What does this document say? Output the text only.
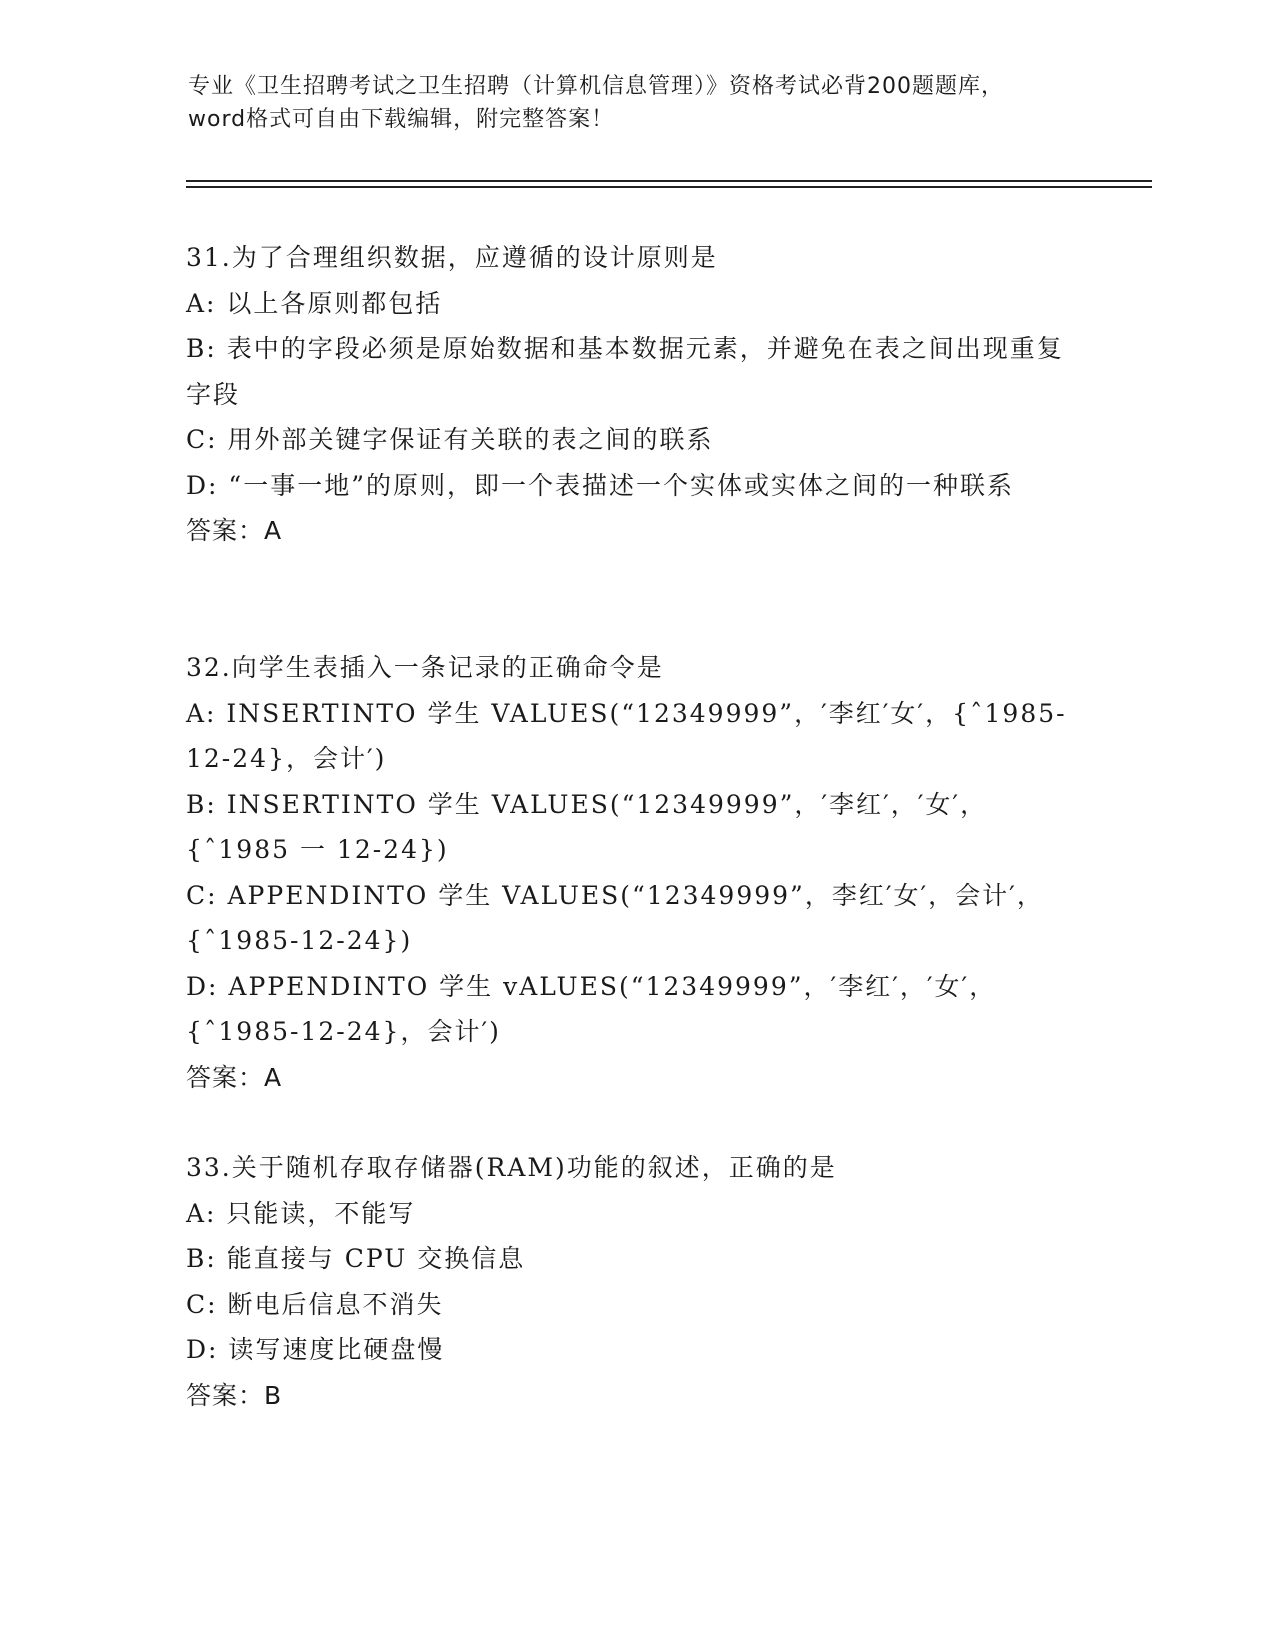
专业《卫生招聘考试之卫生招聘（计算机信息管理）》资格考试必背200题题库，
word格式可自由下载编辑，附完整答案！
31.为了合理组织数据，应遵循的设计原则是
A: 以上各原则都包括
B: 表中的字段必须是原始数据和基本数据元素，并避免在表之间出现重复字段
C: 用外部关键字保证有关联的表之间的联系
D: “一事一地”的原则，即一个表描述一个实体或实体之间的一种联系
答案：A
32.向学生表插入一条记录的正确命令是
A: INSERTINTO 学生 VALUES(“12349999”，′李红′女′，{ˆ1985-12-24}，会计′)
B: INSERTINTO 学生 VALUES(“12349999”，′李红′，′女′，{ˆ1985 一 12-24})
C: APPENDINTO 学生 VALUES(“12349999”，李红′女′，会计′，{ˆ1985-12-24})
D: APPENDINTO 学生 vALUES(“12349999”，′李红′，′女′，{ˆ1985-12-24}，会计′)
答案：A
33.关于随机存取存储器(RAM)功能的叙述，正确的是
A: 只能读，不能写
B: 能直接与 CPU 交换信息
C: 断电后信息不消失
D: 读写速度比硬盘慢
答案：B
